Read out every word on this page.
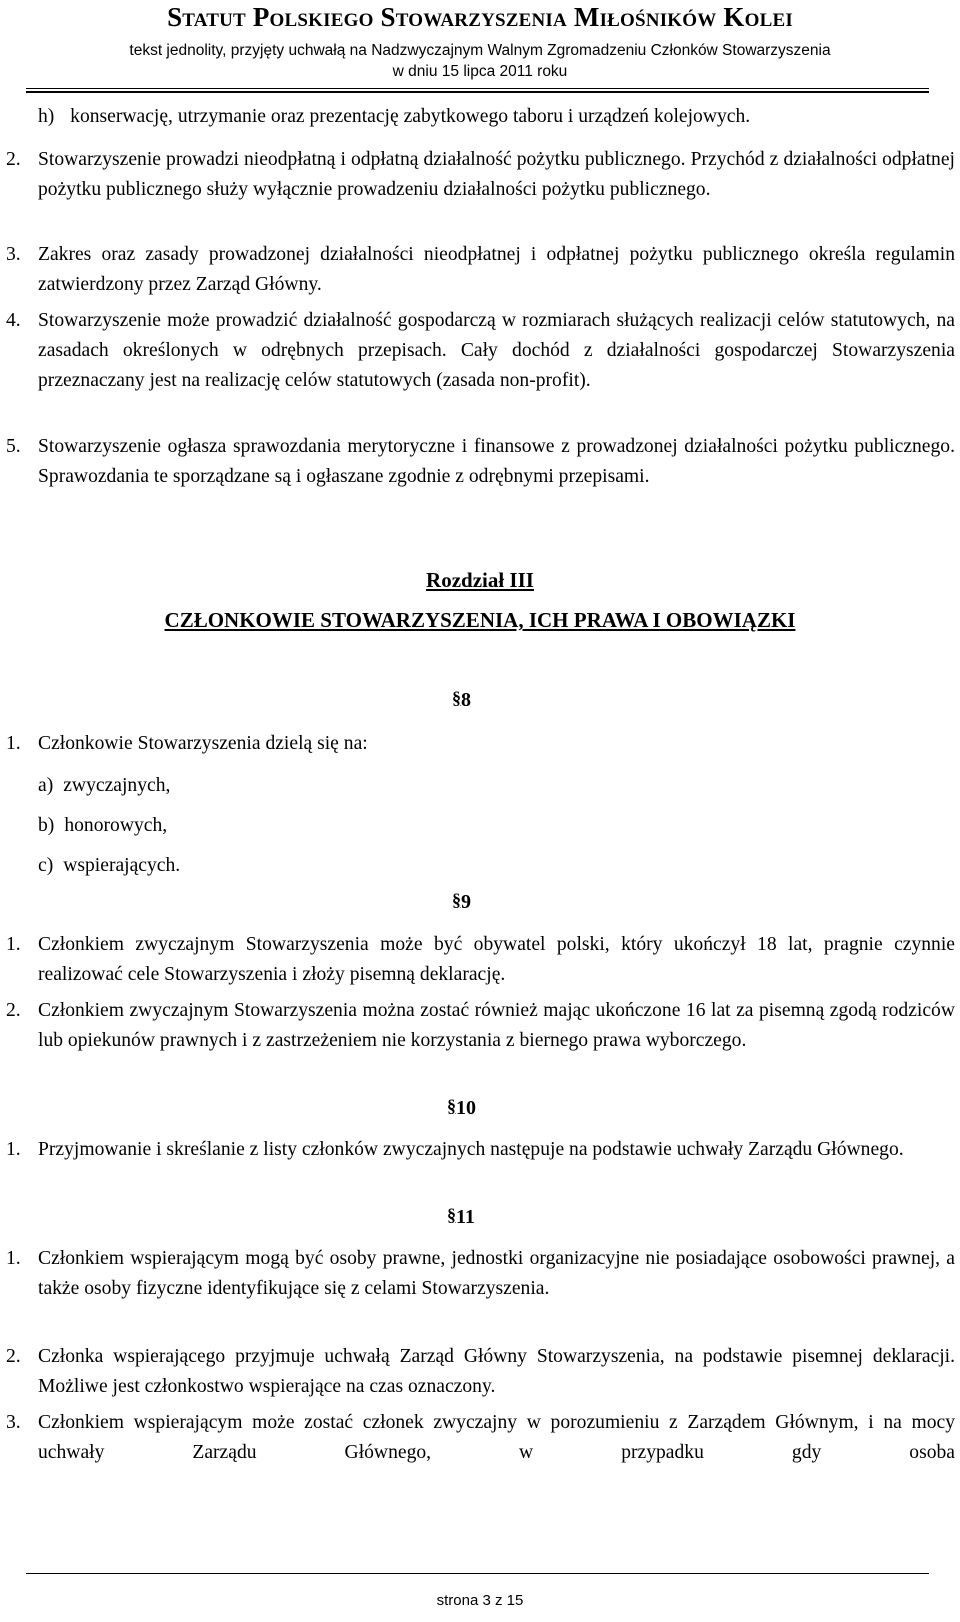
Statut Polskiego Stowarzyszenia Miłośników Kolei
tekst jednolity, przyjęty uchwałą na Nadzwyczajnym Walnym Zgromadzeniu Członków Stowarzyszenia
w dniu 15 lipca 2011 roku
h) konserwację, utrzymanie oraz prezentację zabytkowego taboru i urządzeń kolejowych.
2. Stowarzyszenie prowadzi nieodpłatną i odpłatną działalność pożytku publicznego. Przychód z działalności odpłatnej pożytku publicznego służy wyłącznie prowadzeniu działalności pożytku publicznego.
3. Zakres oraz zasady prowadzonej działalności nieodpłatnej i odpłatnej pożytku publicznego określa regulamin zatwierdzony przez Zarząd Główny.
4. Stowarzyszenie może prowadzić działalność gospodarczą w rozmiarach służących realizacji celów statutowych, na zasadach określonych w odrębnych przepisach. Cały dochód z działalności gospodarczej Stowarzyszenia przeznaczany jest na realizację celów statutowych (zasada non-profit).
5. Stowarzyszenie ogłasza sprawozdania merytoryczne i finansowe z prowadzonej działalności pożytku publicznego. Sprawozdania te sporządzane są i ogłaszane zgodnie z odrębnymi przepisami.
Rozdział III
CZŁONKOWIE STOWARZYSZENIA, ICH PRAWA I OBOWIĄZKI
§8
1. Członkowie Stowarzyszenia dzielą się na:
a) zwyczajnych,
b) honorowych,
c) wspierających.
§9
1. Członkiem zwyczajnym Stowarzyszenia może być obywatel polski, który ukończył 18 lat, pragnie czynnie realizować cele Stowarzyszenia i złoży pisemną deklarację.
2. Członkiem zwyczajnym Stowarzyszenia można zostać również mając ukończone 16 lat za pisemną zgodą rodziców lub opiekunów prawnych i z zastrzeżeniem nie korzystania z biernego prawa wyborczego.
§10
1. Przyjmowanie i skreślanie z listy członków zwyczajnych następuje na podstawie uchwały Zarządu Głównego.
§11
1. Członkiem wspierającym mogą być osoby prawne, jednostki organizacyjne nie posiadające osobowości prawnej, a także osoby fizyczne identyfikujące się z celami Stowarzyszenia.
2. Członka wspierającego przyjmuje uchwałą Zarząd Główny Stowarzyszenia, na podstawie pisemnej deklaracji. Możliwe jest członkostwo wspierające na czas oznaczony.
3. Członkiem wspierającym może zostać członek zwyczajny w porozumieniu z Zarządem Głównym, i na mocy uchwały Zarządu Głównego, w przypadku gdy osoba
strona 3 z 15
